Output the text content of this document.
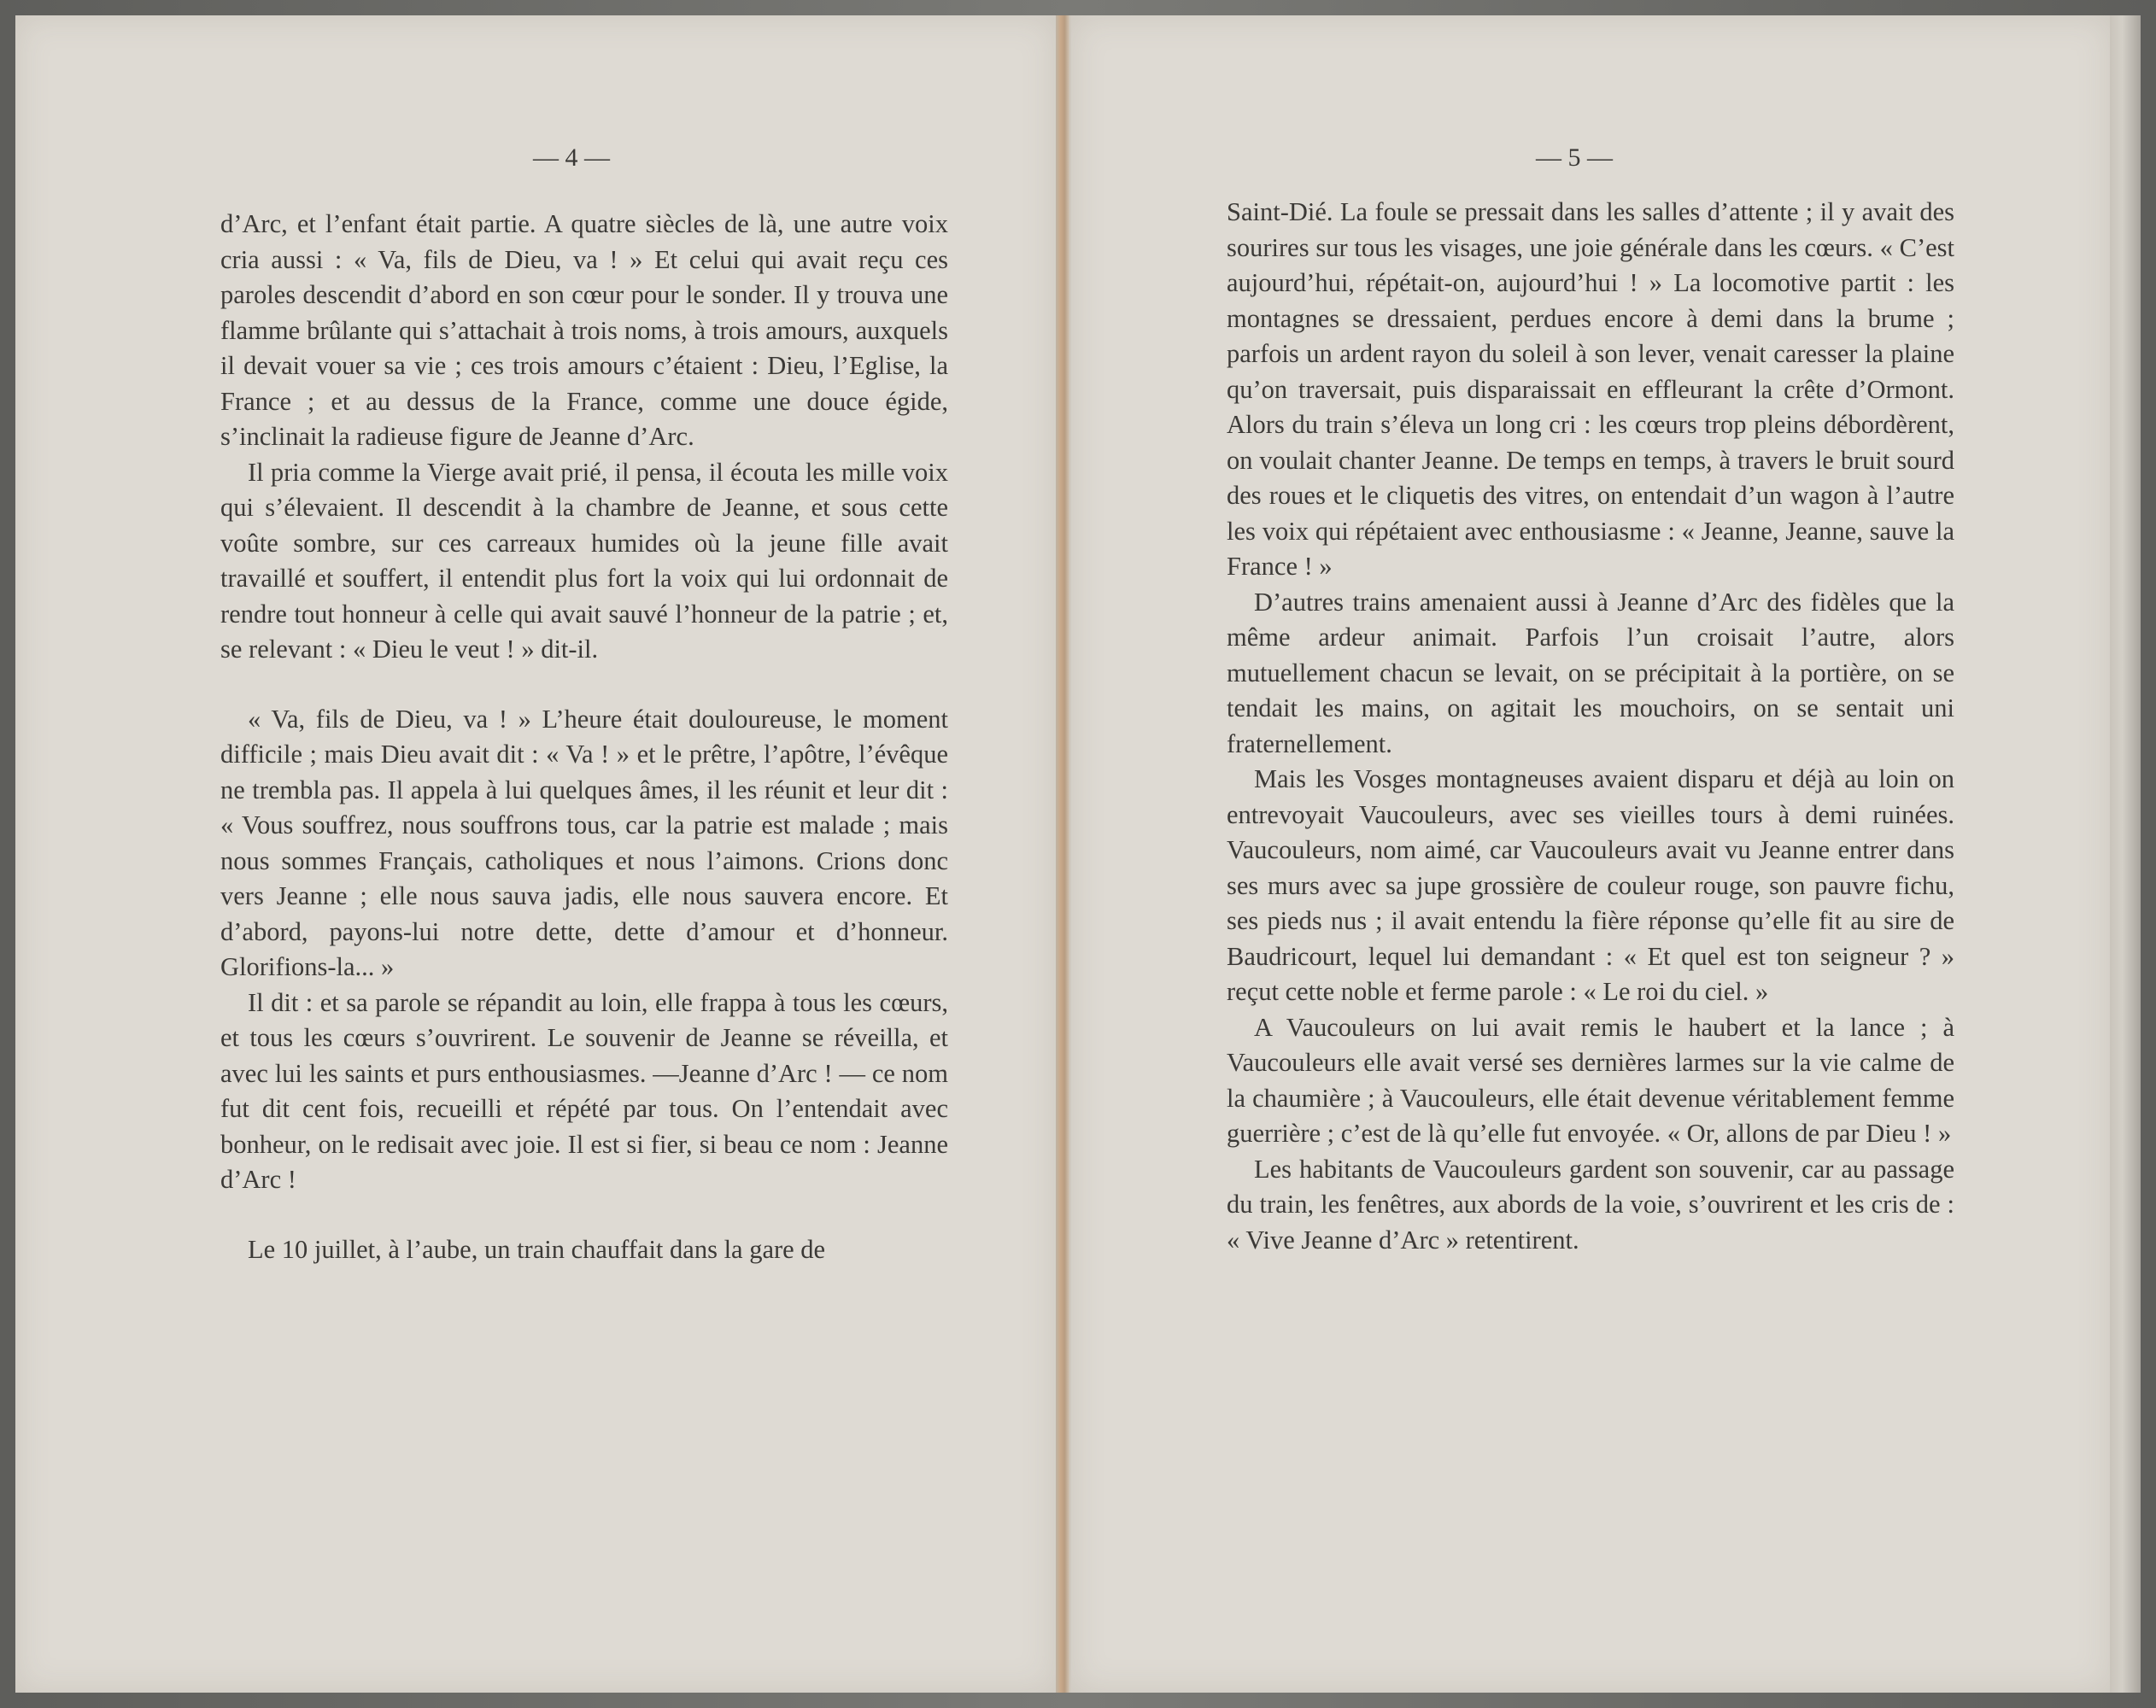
— 4 —

d’Arc, et l’enfant était partie. A quatre siècles de là, une autre voix cria aussi : « Va, fils de Dieu, va ! » Et celui qui avait reçu ces paroles descendit d’abord en son cœur pour le sonder. Il y trouva une flamme brûlante qui s’attachait à trois noms, à trois amours, auxquels il devait vouer sa vie ; ces trois amours c’étaient : Dieu, l’Eglise, la France ; et au dessus de la France, comme une douce égide, s’inclinait la radieuse figure de Jeanne d’Arc.

Il pria comme la Vierge avait prié, il pensa, il écouta les mille voix qui s’élevaient. Il descendit à la chambre de Jeanne, et sous cette voûte sombre, sur ces carreaux humides où la jeune fille avait travaillé et souffert, il entendit plus fort la voix qui lui ordonnait de rendre tout honneur à celle qui avait sauvé l’honneur de la patrie ; et, se relevant : « Dieu le veut ! » dit-il.

« Va, fils de Dieu, va ! » L’heure était douloureuse, le moment difficile ; mais Dieu avait dit : « Va ! » et le prêtre, l’apôtre, l’évêque ne trembla pas. Il appela à lui quelques âmes, il les réunit et leur dit : « Vous souffrez, nous souffrons tous, car la patrie est malade ; mais nous sommes Français, catholiques et nous l’aimons. Crions donc vers Jeanne ; elle nous sauva jadis, elle nous sauvera encore. Et d’abord, payons-lui notre dette, dette d’amour et d’honneur. Glorifions-la... »

Il dit : et sa parole se répandit au loin, elle frappa à tous les cœurs, et tous les cœurs s’ouvrirent. Le souvenir de Jeanne se réveilla, et avec lui les saints et purs enthousiasmes. —Jeanne d’Arc ! — ce nom fut dit cent fois, recueilli et répété par tous. On l’entendait avec bonheur, on le redisait avec joie. Il est si fier, si beau ce nom : Jeanne d’Arc !

Le 10 juillet, à l’aube, un train chauffait dans la gare de

— 5 —

Saint-Dié. La foule se pressait dans les salles d’attente ; il y avait des sourires sur tous les visages, une joie générale dans les cœurs. « C’est aujourd’hui, répétait-on, aujourd’hui ! » La locomotive partit : les montagnes se dressaient, perdues encore à demi dans la brume ; parfois un ardent rayon du soleil à son lever, venait caresser la plaine qu’on traversait, puis disparaissait en effleurant la crête d’Ormont. Alors du train s’éleva un long cri : les cœurs trop pleins débordèrent, on voulait chanter Jeanne. De temps en temps, à travers le bruit sourd des roues et le cliquetis des vitres, on entendait d’un wagon à l’autre les voix qui répétaient avec enthousiasme : « Jeanne, Jeanne, sauve la France ! »

D’autres trains amenaient aussi à Jeanne d’Arc des fidèles que la même ardeur animait. Parfois l’un croisait l’autre, alors mutuellement chacun se levait, on se précipitait à la portière, on se tendait les mains, on agitait les mouchoirs, on se sentait uni fraternellement.

Mais les Vosges montagneuses avaient disparu et déjà au loin on entrevoyait Vaucouleurs, avec ses vieilles tours à demi ruinées. Vaucouleurs, nom aimé, car Vaucouleurs avait vu Jeanne entrer dans ses murs avec sa jupe grossière de couleur rouge, son pauvre fichu, ses pieds nus ; il avait entendu la fière réponse qu’elle fit au sire de Baudricourt, lequel lui demandant : « Et quel est ton seigneur ? » reçut cette noble et ferme parole : « Le roi du ciel. »

A Vaucouleurs on lui avait remis le haubert et la lance ; à Vaucouleurs elle avait versé ses dernières larmes sur la vie calme de la chaumière ; à Vaucouleurs, elle était devenue véritablement femme guerrière ; c’est de là qu’elle fut envoyée. « Or, allons de par Dieu ! »

Les habitants de Vaucouleurs gardent son souvenir, car au passage du train, les fenêtres, aux abords de la voie, s’ouvrirent et les cris de : « Vive Jeanne d’Arc » retentirent.
